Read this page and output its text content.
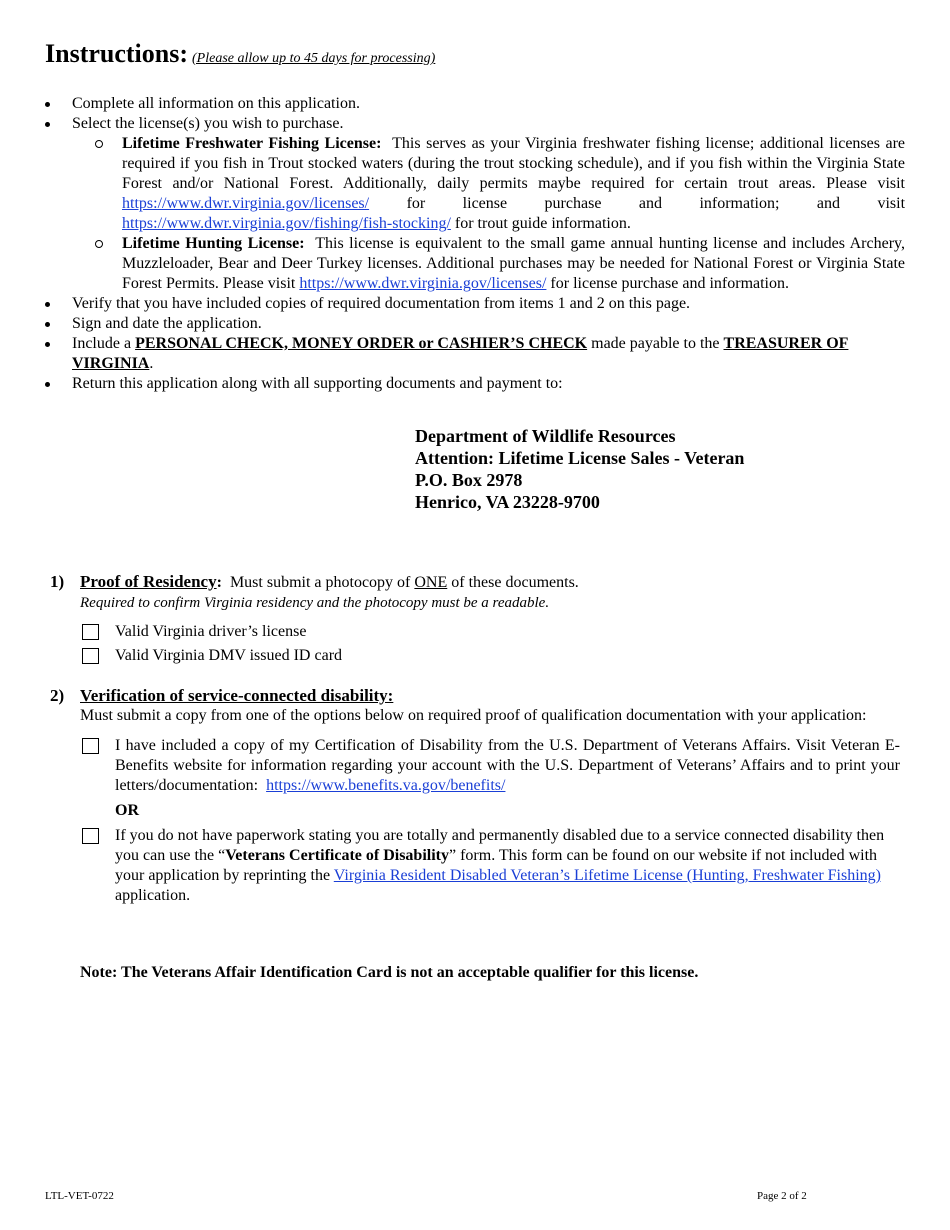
Instructions: (Please allow up to 45 days for processing)
Complete all information on this application.
Select the license(s) you wish to purchase.
Lifetime Freshwater Fishing License: This serves as your Virginia freshwater fishing license; additional licenses are required if you fish in Trout stocked waters (during the trout stocking schedule), and if you fish within the Virginia State Forest and/or National Forest. Additionally, daily permits maybe required for certain trout areas. Please visit https://www.dwr.virginia.gov/licenses/ for license purchase and information; and visit https://www.dwr.virginia.gov/fishing/fish-stocking/ for trout guide information.
Lifetime Hunting License: This license is equivalent to the small game annual hunting license and includes Archery, Muzzleloader, Bear and Deer Turkey licenses. Additional purchases may be needed for National Forest or Virginia State Forest Permits. Please visit https://www.dwr.virginia.gov/licenses/ for license purchase and information.
Verify that you have included copies of required documentation from items 1 and 2 on this page.
Sign and date the application.
Include a PERSONAL CHECK, MONEY ORDER or CASHIER’S CHECK made payable to the TREASURER OF VIRGINIA.
Return this application along with all supporting documents and payment to:
Department of Wildlife Resources
Attention: Lifetime License Sales - Veteran
P.O. Box 2978
Henrico, VA 23228-9700
1) Proof of Residency: Must submit a photocopy of ONE of these documents.
Required to confirm Virginia residency and the photocopy must be a readable.
Valid Virginia driver’s license
Valid Virginia DMV issued ID card
2) Verification of service-connected disability:
Must submit a copy from one of the options below on required proof of qualification documentation with your application:
I have included a copy of my Certification of Disability from the U.S. Department of Veterans Affairs. Visit Veteran E-Benefits website for information regarding your account with the U.S. Department of Veterans’ Affairs and to print your letters/documentation: https://www.benefits.va.gov/benefits/
OR
If you do not have paperwork stating you are totally and permanently disabled due to a service connected disability then you can use the “Veterans Certificate of Disability” form. This form can be found on our website if not included with your application by reprinting the Virginia Resident Disabled Veteran’s Lifetime License (Hunting, Freshwater Fishing) application.
Note: The Veterans Affair Identification Card is not an acceptable qualifier for this license.
LTL-VET-0722	Page 2 of 2
